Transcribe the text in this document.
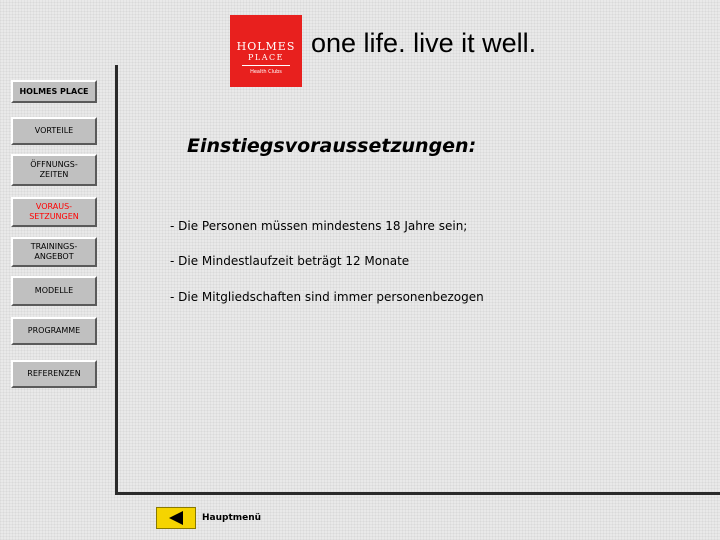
HOLMES
PLACE
Health Clubs
one life. live it well.
HOLMES PLACE
VORTEILE
ÖFFNUNGS-
ZEITEN
VORAUS-
SETZUNGEN
TRAININGS-
ANGEBOT
MODELLE
PROGRAMME
REFERENZEN
Einstiegsvoraussetzungen:
- Die Personen müssen mindestens 18 Jahre sein;
- Die Mindestlaufzeit beträgt 12 Monate
- Die Mitgliedschaften sind immer personenbezogen
Hauptmenü
